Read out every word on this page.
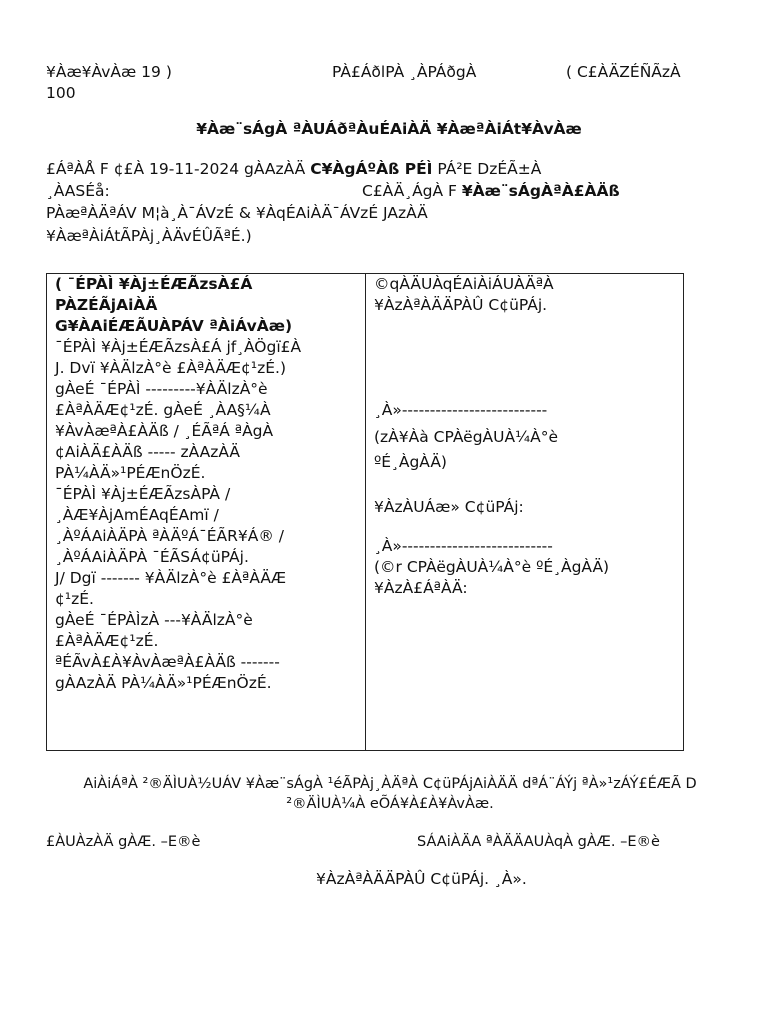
¥Àæ¥ÀvÀæ 19 )
100
PÀ£ÁðlPÀ ¸ÀPÁðgÀ	( C£ÀÄZÉÑÃzÀ
¥Àæ¨sÁgÀ ªÀUÁðªÀuÉAiÀÄ ¥ÀæªÀiÁt¥ÀvÀæ
£ÁªÀÅ F ¢£À 19-11-2024 gÀAzÀÄ C¥ÀgÁºÀß PÉÌ PÁ²E DzÉÃ±À
¸ÀASÉå:	C£ÀÄ¸ÁgÀ F ¥Àæ¨sÁgÀªÀ£ÀÄß
PÀæªÀÄªÁV M¦à¸À¯ÁVzÉ & ¥ÀqÉAiÀÄ¯ÁVzÉ JAzÀÄ
¥ÀæªÀiÁtÃPÀj¸ÀÄvÉÛÃªÉ.)
( ¯ÉPÀÌ ¥Àj±ÉÆÃzsÀ£Á
PÀZÉÃjAiÀÄ
G¥ÀAiÉÆÃUÀPÁV ªÀiÁvÀæ)
¯ÉPÀÌ ¥Àj±ÉÆÃzsÀ£Á jf¸ÀÖgï£À
J. Dvï ¥ÀÄlzÀ°è £ÀªÀÄÆ¢¹zÉ.)
gÀeÉ ¯ÉPÀÌ ---------¥ÀÄlzÀ°è
£ÀªÀÄÆ¢¹zÉ. gÀeÉ ¸ÀA§¼À
¥ÀvÀæªÀ£ÀÄß / ¸ÉÃªÁ ªÀgÀ
¢AiÀÄ£ÀÄß ----- zÀAzÀÄ
PÀ¼ÀÄ»¹PÉÆnÖzÉ.
¯ÉPÀÌ ¥Àj±ÉÆÃzsÀPÀ /
¸ÀÆ¥ÀjAmÉAqÉAmï /
¸ÀºÁAiÀÄPÀ ªÀÄºÁ¯ÉÃR¥Á® /
¸ÀºÁAiÀÄPÀ ¯ÉÃSÁ¢üPÁj.
J/ Dgï ------- ¥ÀÄlzÀ°è £ÀªÀÄÆ
¢¹zÉ.
gÀeÉ ¯ÉPÀÌzÀ ---¥ÀÄlzÀ°è
£ÀªÀÄÆ¢¹zÉ.
ªÉÃvÀ£À¥ÀvÀæªÀ£ÀÄß -------
gÀAzÀÄ PÀ¼ÀÄ»¹PÉÆnÖzÉ.

©qÀÄUÀqÉAiÀiÁUÀÄªÀ
¥ÀzÀªÀÄÄPÀÛ C¢üPÁj.
¸À»--------------------------
(zÀ¥Àà CPÀëgÀUÀ¼À°è
ºÉ¸ÀgÀÄ)
¥ÀzÀUÁæ» C¢üPÁj:
¸À»---------------------------
(©r CPÀëgÀUÀ¼À°è ºÉ¸ÀgÀÄ)
¥ÀzÀ£ÁªÀÄ:
AiÀiÁªÀ ²®ÄÌUÀ½UÁV ¥Àæ¨sÁgÀ ¹éÃPÀj¸ÀÄªÀ C¢üPÁjAiÀÄÄ dªÁ¨ÁÝj ªÀ»¹zÁÝ£ÉÆÃ D
²®ÄÌUÀ¼À eÕÁ¥À£À¥ÀvÀæ.
£ÀUÀzÀÄ gÀÆ. –E®è	SÁAiÀÄA ªÀÄÄAUÀqÀ gÀÆ. –E®è
¥ÀzÀªÀÄÄPÀÛ C¢üPÁj. ¸À».
